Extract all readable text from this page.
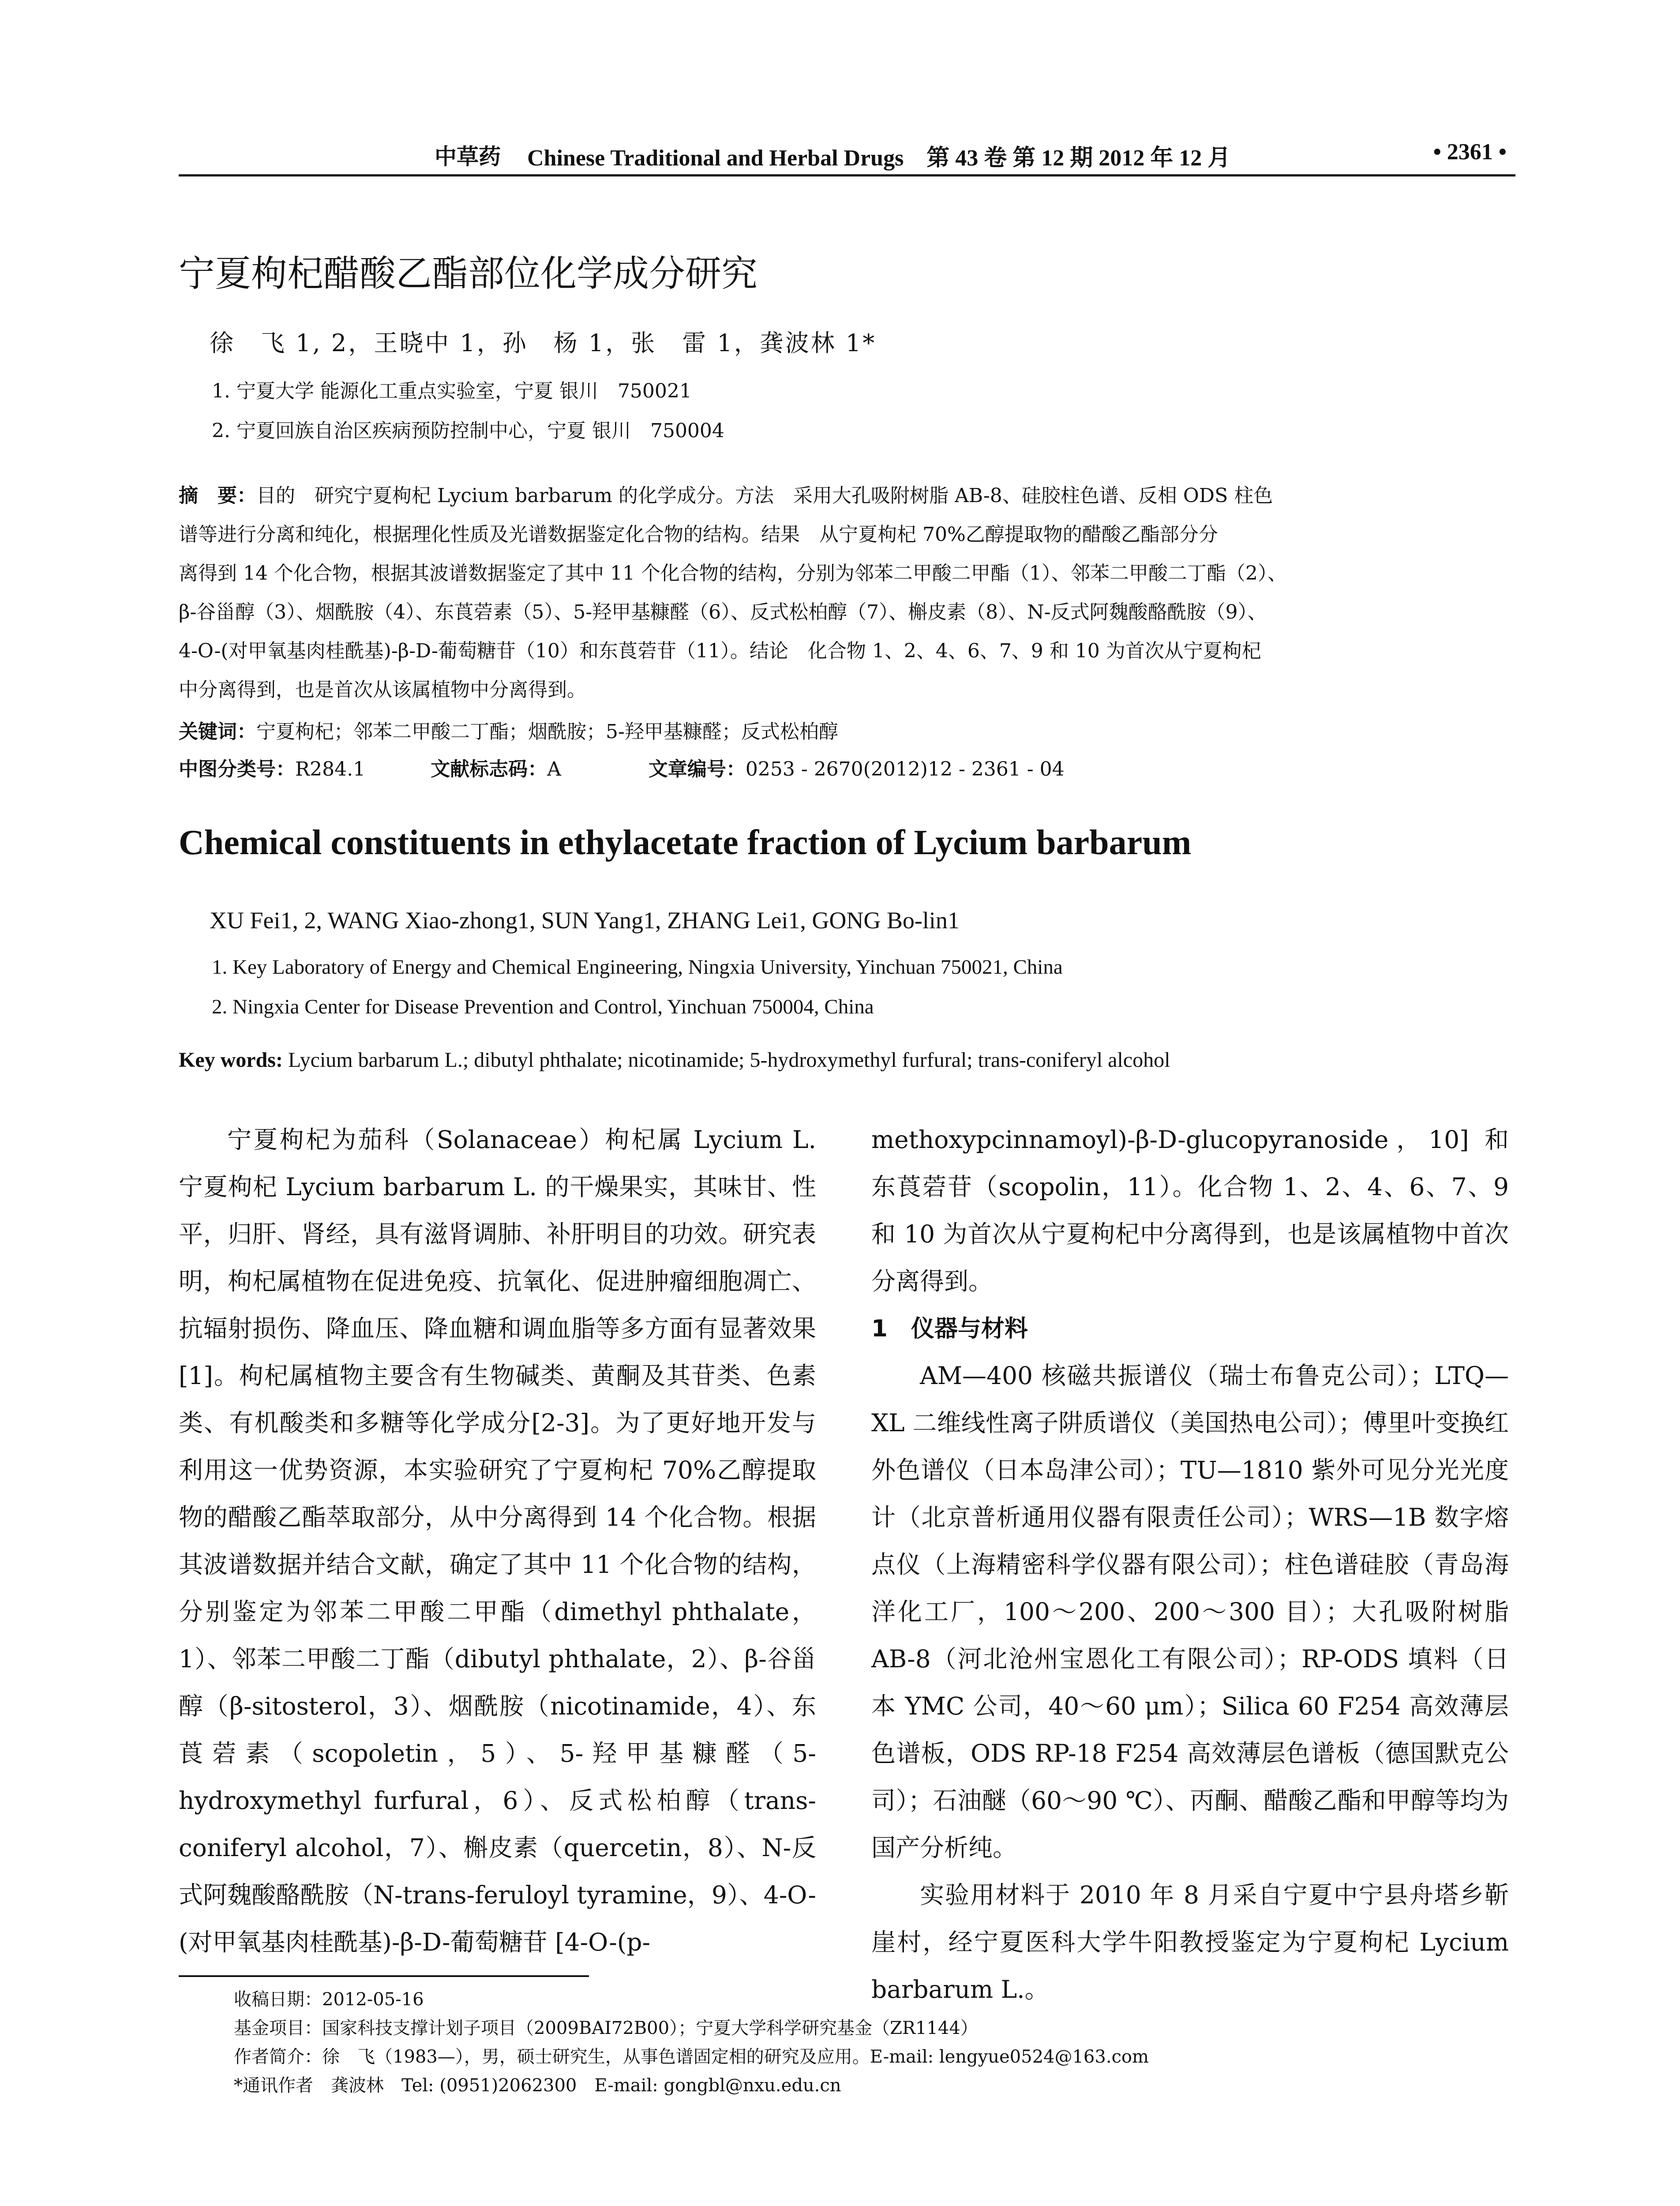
中草药 Chinese Traditional and Herbal Drugs　第 43 卷 第 12 期 2012 年 12 月	• 2361 •
宁夏枸杞醋酸乙酯部位化学成分研究
徐　飞 1, 2，王晓中 1，孙　杨 1，张　雷 1，龚波林 1*
1. 宁夏大学 能源化工重点实验室，宁夏 银川　750021
2. 宁夏回族自治区疾病预防控制中心，宁夏 银川　750004
摘　要：目的　研究宁夏枸杞 Lycium barbarum 的化学成分。方法　采用大孔吸附树脂 AB-8、硅胶柱色谱、反相 ODS 柱色
谱等进行分离和纯化，根据理化性质及光谱数据鉴定化合物的结构。结果　从宁夏枸杞 70%乙醇提取物的醋酸乙酯部分分
离得到 14 个化合物，根据其波谱数据鉴定了其中 11 个化合物的结构，分别为邻苯二甲酸二甲酯（1）、邻苯二甲酸二丁酯（2）、
β-谷甾醇（3）、烟酰胺（4）、东莨菪素（5）、5-羟甲基糠醛（6）、反式松柏醇（7）、槲皮素（8）、N-反式阿魏酸酪酰胺（9）、
4-O-(对甲氧基肉桂酰基)-β-D-葡萄糖苷（10）和东莨菪苷（11）。结论　化合物 1、2、4、6、7、9 和 10 为首次从宁夏枸杞
中分离得到，也是首次从该属植物中分离得到。
关键词：宁夏枸杞；邻苯二甲酸二丁酯；烟酰胺；5-羟甲基糠醛；反式松柏醇
中图分类号：R284.1	文献标志码：A	文章编号：0253 - 2670(2012)12 - 2361 - 04
Chemical constituents in ethylacetate fraction of Lycium barbarum
XU Fei1, 2, WANG Xiao-zhong1, SUN Yang1, ZHANG Lei1, GONG Bo-lin1
1. Key Laboratory of Energy and Chemical Engineering, Ningxia University, Yinchuan 750021, China
2. Ningxia Center for Disease Prevention and Control, Yinchuan 750004, China
Key words: Lycium barbarum L.; dibutyl phthalate; nicotinamide; 5-hydroxymethyl furfural; trans-coniferyl alcohol

宁夏枸杞为茄科（Solanaceae）枸杞属 Lycium L. 宁夏枸杞 Lycium barbarum L. 的干燥果实，其味甘、性平，归肝、肾经，具有滋肾调肺、补肝明目的功效。研究表明，枸杞属植物在促进免疫、抗氧化、促进肿瘤细胞凋亡、抗辐射损伤、降血压、降血糖和调血脂等多方面有显著效果[1]。枸杞属植物主要含有生物碱类、黄酮及其苷类、色素类、有机酸类和多糖等化学成分[2-3]。为了更好地开发与利用这一优势资源，本实验研究了宁夏枸杞 70%乙醇提取物的醋酸乙酯萃取部分，从中分离得到 14 个化合物。根据其波谱数据并结合文献，确定了其中 11 个化合物的结构，分别鉴定为邻苯二甲酸二甲酯（dimethyl phthalate，1）、邻苯二甲酸二丁酯（dibutyl phthalate，2）、β-谷甾醇（β-sitosterol，3）、烟酰胺（nicotinamide，4）、东莨菪素（scopoletin，5）、5-羟甲基糠醛（5-hydroxymethyl furfural，6）、反式松柏醇（trans-coniferyl alcohol，7）、槲皮素（quercetin，8）、N-反式阿魏酸酪酰胺（N-trans-feruloyl tyramine，9）、4-O-(对甲氧基肉桂酰基)-β-D-葡萄糖苷 [4-O-(p-

methoxypcinnamoyl)-β-D-glucopyranoside，10] 和东莨菪苷（scopolin，11）。化合物 1、2、4、6、7、9 和 10 为首次从宁夏枸杞中分离得到，也是该属植物中首次分离得到。

1　仪器与材料

AM—400 核磁共振谱仪（瑞士布鲁克公司）；LTQ—XL 二维线性离子阱质谱仪（美国热电公司）；傅里叶变换红外色谱仪（日本岛津公司）；TU—1810 紫外可见分光光度计（北京普析通用仪器有限责任公司）；WRS—1B 数字熔点仪（上海精密科学仪器有限公司）；柱色谱硅胶（青岛海洋化工厂，100～200、200～300 目）；大孔吸附树脂 AB-8（河北沧州宝恩化工有限公司）；RP-ODS 填料（日本 YMC 公司，40～60 μm）；Silica 60 F254 高效薄层色谱板，ODS RP-18 F254 高效薄层色谱板（德国默克公司）；石油醚（60～90 ℃）、丙酮、醋酸乙酯和甲醇等均为国产分析纯。

实验用材料于 2010 年 8 月采自宁夏中宁县舟塔乡靳崖村，经宁夏医科大学牛阳教授鉴定为宁夏枸杞 Lycium barbarum L.。

收稿日期：2012-05-16
基金项目：国家科技支撑计划子项目（2009BAI72B00）；宁夏大学科学研究基金（ZR1144）
作者简介：徐　飞（1983—），男，硕士研究生，从事色谱固定相的研究及应用。E-mail: lengyue0524@163.com
*通讯作者　龚波林　Tel: (0951)2062300　E-mail: gongbl@nxu.edu.cn
